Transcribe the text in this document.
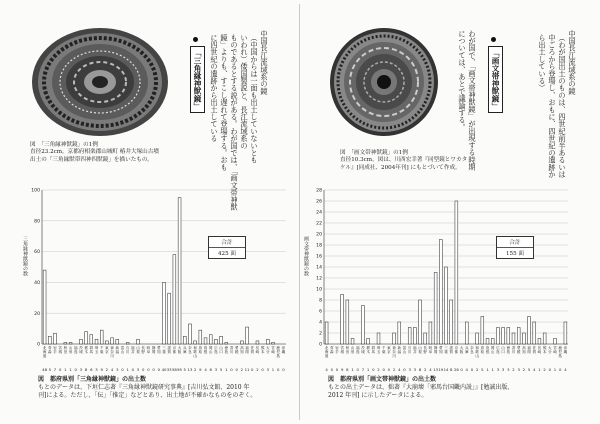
「三角縁神獣鏡」	中国長江流域系の鏡
（中国からは一面も出土していないとも
いわれ）倭国製説と、長江流域系の
ものであるとする説がある。わが国では、「画文帯神獣
鏡」よりも、すこし遅れて登場する。おも
に四世紀の遺跡から出土している
図　「三角縁神獣鏡」の1例
直径23.2cm。京都府相楽郡山城町 椿井大塚山古墳
出土の「三角縁獣帯四神四獣鏡」を描いたもの。
三角縁神獣鏡の数
0
20
40
60
80
100
北海道
48
青森
5
岩手
7
宮城
0
秋田
1
山形
1
福島
0
茨城
3
栃木
8
群馬
6
埼玉
3
千葉
9
東京
2
神奈川
4
新潟
3
富山
0
石川
1
福井
0
山梨
3
長野
0
岐阜
0
静岡
0
愛知
0
三重
40
滋賀
33
京都
58
大阪
95
兵庫
5
奈良
13
和歌山
2
鳥取
9
島根
4
岡山
6
広島
3
山口
5
徳島
1
香川
0
愛媛
0
高知
2
福岡
11
佐賀
0
長崎
2
熊本
0
大分
3
宮崎
1
鹿児島
0
沖縄
0
合計
425 面
図　都府県別「三角縁神獣鏡」の出土数
もとのデータは、下垣仁志著『三角縁神獣鏡研究事典』[吉川弘文館、2010 年
刊]による。ただし、「伝」「推定」などとあり、出土地が不確かなものをのぞく。
わが国で、「画文帯神獣鏡」が出現する時期
については、あとで議論する。	「画文帯神獣鏡」	中国長江流域系の鏡
（わが国出土のものは、四世紀前半あるいは
中ごろから登場し、おもに、四世紀の遺跡か
ら出土している）
図　「画文帯神獣鏡」の1例
直径10.3cm。図は、川西宏幸著『同型鏡とワカタ
ケル』[同成社、2004年刊] にもとづいて作成。
画文帯神獣鏡の数
0
2
4
6
8
10
12
14
16
18
20
22
24
26
28
北海道
4
青森
0
岩手
0
宮城
9
秋田
8
山形
1
福島
0
茨城
7
栃木
1
群馬
0
埼玉
2
千葉
0
東京
0
神奈川
2
新潟
4
富山
0
石川
3
福井
3
山梨
8
長野
2
岐阜
4
静岡
13
愛知
19
三重
14
滋賀
8
京都
26
大阪
0
兵庫
4
奈良
0
和歌山
2
鳥取
5
島根
1
岡山
1
広島
3
山口
3
徳島
3
香川
2
愛媛
3
高知
2
福岡
5
佐賀
4
長崎
1
熊本
2
大分
0
宮崎
1
鹿児島
0
沖縄
4
合計
155 面
図　都府県別「画文帯神獣鏡」の出土数
もとの出土データは、拙著『大崩壊「邪馬台国畿内説」』[勉誠出版、
2012 年刊] に示したデータによる。
